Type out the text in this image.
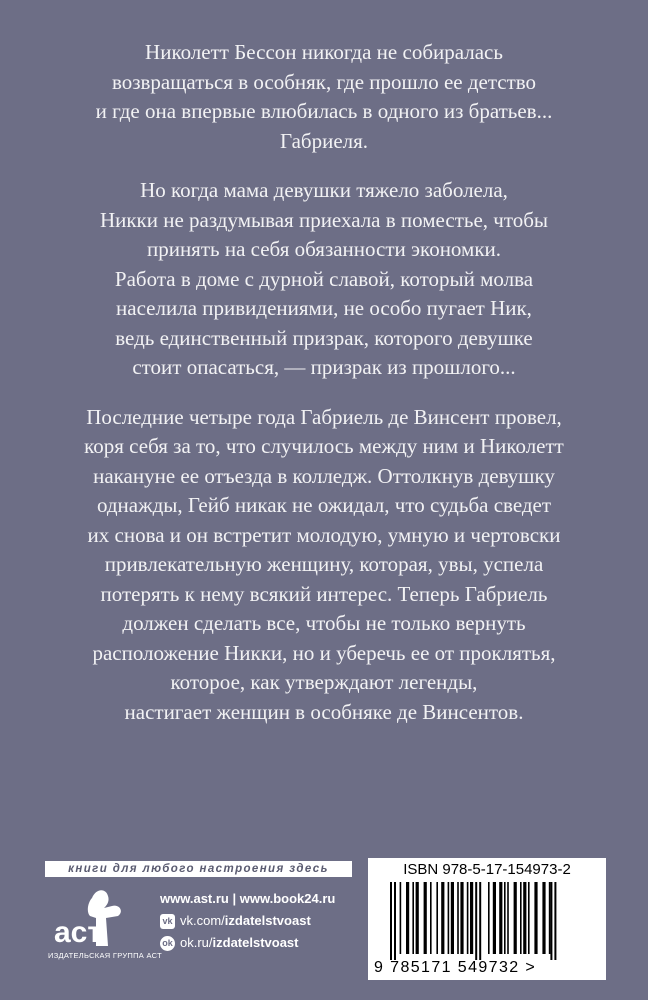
Николетт Бессон никогда не собиралась
возвращаться в особняк, где прошло ее детство
и где она впервые влюбилась в одного из братьев...
Габриеля.

Но когда мама девушки тяжело заболела,
Никки не раздумывая приехала в поместье, чтобы
принять на себя обязанности экономки.
Работа в доме с дурной славой, который молва
населила привидениями, не особо пугает Ник,
ведь единственный призрак, которого девушке
стоит опасаться, — призрак из прошлого...

Последние четыре года Габриель де Винсент провел,
коря себя за то, что случилось между ним и Николетт
накануне ее отъезда в колледж. Оттолкнув девушку
однажды, Гейб никак не ожидал, что судьба сведет
их снова и он встретит молодую, умную и чертовски
привлекательную женщину, которая, увы, успела
потерять к нему всякий интерес. Теперь Габриель
должен сделать все, чтобы не только вернуть
расположение Никки, но и уберечь ее от проклятья,
которое, как утверждают легенды,
настигает женщин в особняке де Винсентов.

книги для любого настроения здесь
аст
ИЗДАТЕЛЬСКАЯ ГРУППА АСТ
www.ast.ru | www.book24.ru
vk vk.com/ izdatelstvoast
ok ok.ru/ izdatelstvoast
ISBN 978-5-17-154973-2
9 785171 549732 >
